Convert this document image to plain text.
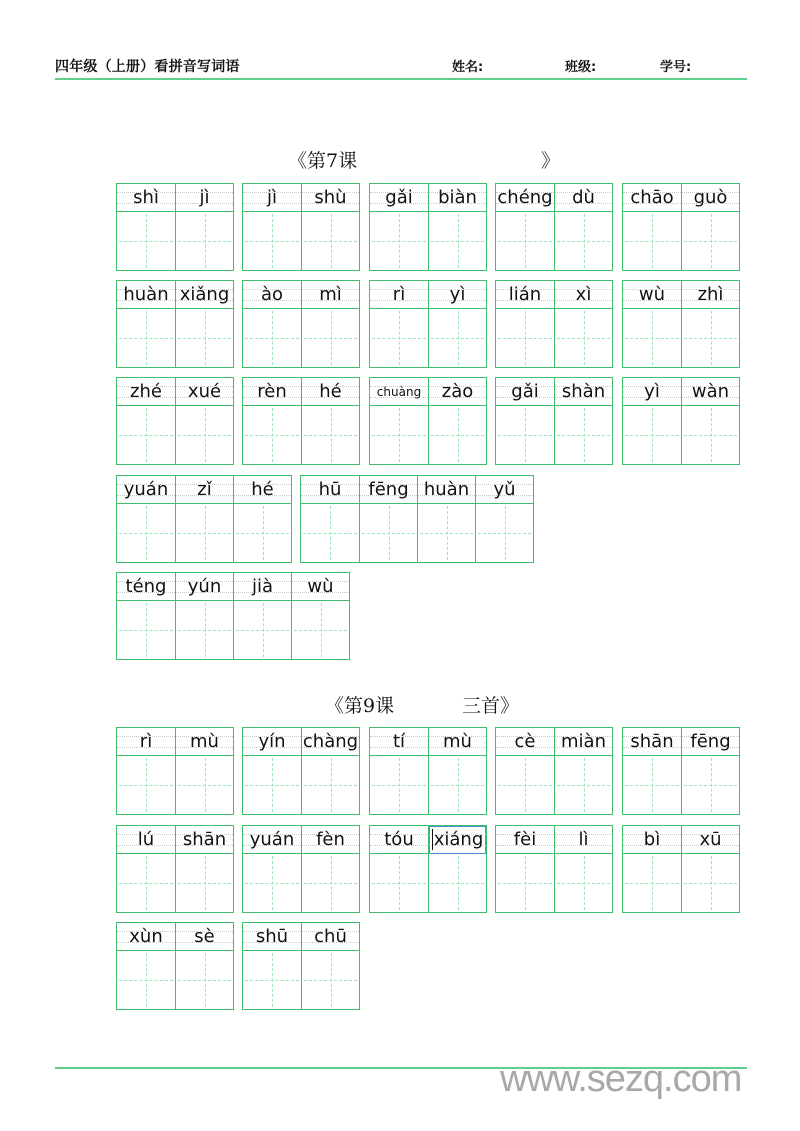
四年级（上册）看拼音写词语	姓名:	班级:	学号:
《第7课	》
shì	jì	jì	shù	gǎi	biàn	chéng	dù	chāo	guò
huàn xiǎng	ào	mì	rì	yì	lián	xì	wù	zhì
zhé	xué	rèn	hé	chuàng	zào	gǎi	shàn	yì	wàn
yuán	zǐ	hé	hū	fēng huàn	yǔ
téng	yún	jià	wù
《第9课	三首》
rì	mù	yín chàng	tí	mù	cè	miàn	shān fēng
lú	shān	yuán	fèn	tóu	xiáng	fèi	lì	bì	xū
xùn	sè	shū	chū
www.sezq.com
